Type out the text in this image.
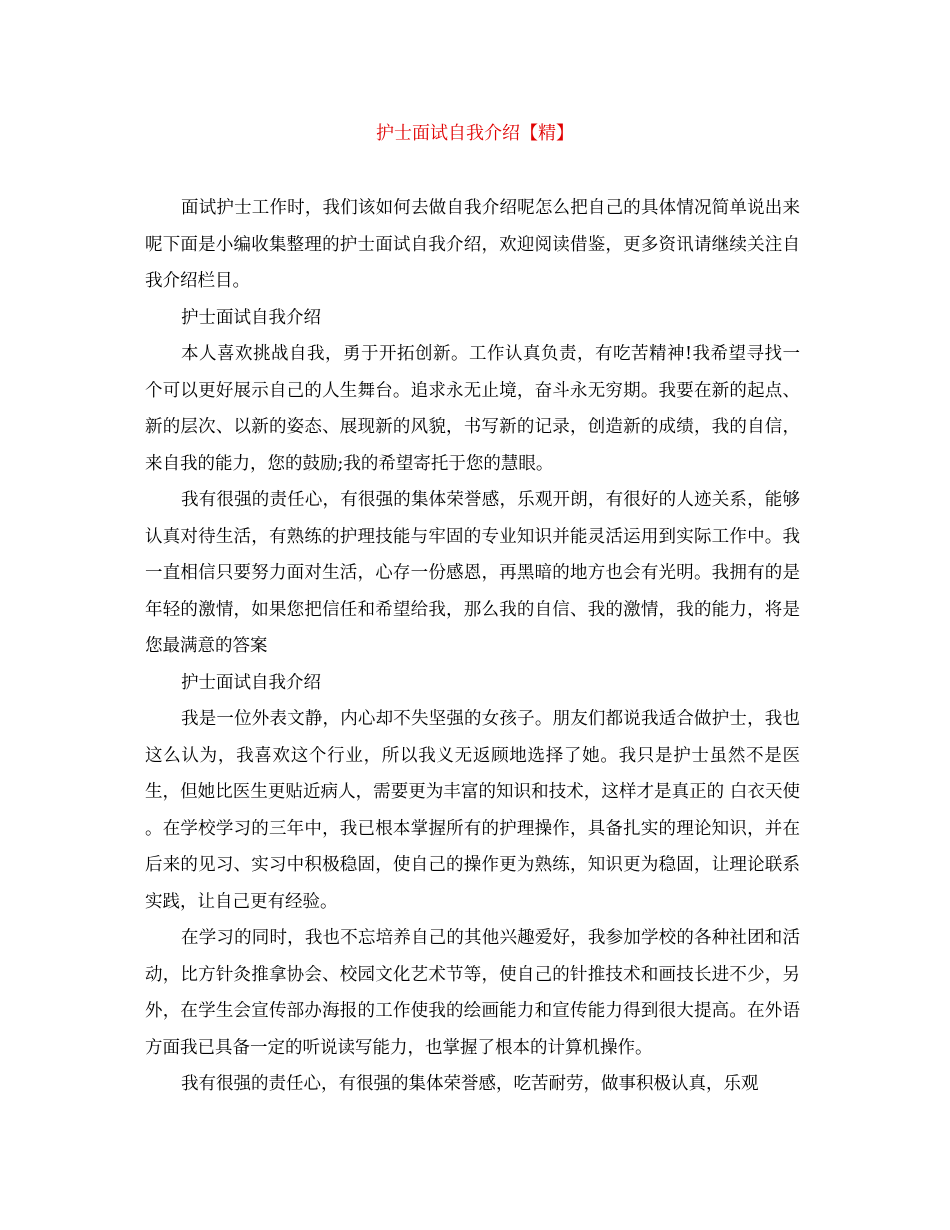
护士面试自我介绍【精】

面试护士工作时，我们该如何去做自我介绍呢怎么把自己的具体情况简单说出来呢下面是小编收集整理的护士面试自我介绍，欢迎阅读借鉴，更多资讯请继续关注自我介绍栏目。

护士面试自我介绍

本人喜欢挑战自我，勇于开拓创新。工作认真负责，有吃苦精神!我希望寻找一个可以更好展示自己的人生舞台。追求永无止境，奋斗永无穷期。我要在新的起点、新的层次、以新的姿态、展现新的风貌，书写新的记录，创造新的成绩，我的自信，来自我的能力，您的鼓励;我的希望寄托于您的慧眼。

我有很强的责任心，有很强的集体荣誉感，乐观开朗，有很好的人迹关系，能够认真对待生活，有熟练的护理技能与牢固的专业知识并能灵活运用到实际工作中。我一直相信只要努力面对生活，心存一份感恩，再黑暗的地方也会有光明。我拥有的是年轻的激情，如果您把信任和希望给我，那么我的自信、我的激情，我的能力，将是您最满意的答案

护士面试自我介绍

我是一位外表文静，内心却不失坚强的女孩子。朋友们都说我适合做护士，我也这么认为，我喜欢这个行业，所以我义无返顾地选择了她。我只是护士虽然不是医生，但她比医生更贴近病人，需要更为丰富的知识和技术，这样才是真正的 白衣天使 。在学校学习的三年中，我已根本掌握所有的护理操作，具备扎实的理论知识，并在后来的见习、实习中积极稳固，使自己的操作更为熟练，知识更为稳固，让理论联系实践，让自己更有经验。

在学习的同时，我也不忘培养自己的其他兴趣爱好，我参加学校的各种社团和活动，比方针灸推拿协会、校园文化艺术节等，使自己的针推技术和画技长进不少，另外，在学生会宣传部办海报的工作使我的绘画能力和宣传能力得到很大提高。在外语方面我已具备一定的听说读写能力，也掌握了根本的计算机操作。

我有很强的责任心，有很强的集体荣誉感，吃苦耐劳，做事积极认真，乐观
